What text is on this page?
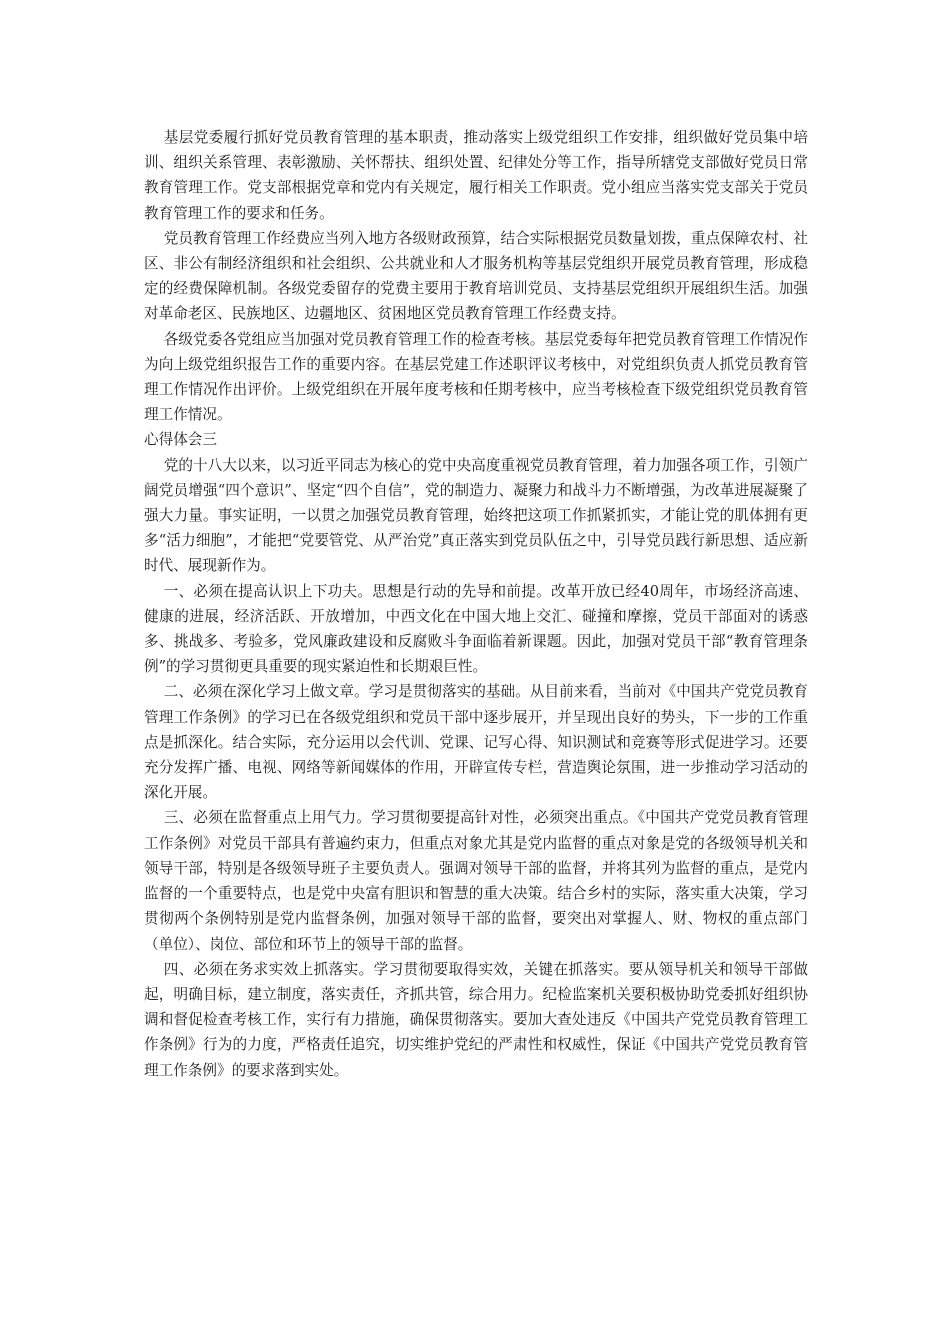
基层党委履行抓好党员教育管理的基本职责，推动落实上级党组织工作安排，组织做好党员集中培训、组织关系管理、表彰激励、关怀帮扶、组织处置、纪律处分等工作，指导所辖党支部做好党员日常教育管理工作。党支部根据党章和党内有关规定，履行相关工作职责。党小组应当落实党支部关于党员教育管理工作的要求和任务。

党员教育管理工作经费应当列入地方各级财政预算，结合实际根据党员数量划拨，重点保障农村、社区、非公有制经济组织和社会组织、公共就业和人才服务机构等基层党组织开展党员教育管理，形成稳定的经费保障机制。各级党委留存的党费主要用于教育培训党员、支持基层党组织开展组织生活。加强对革命老区、民族地区、边疆地区、贫困地区党员教育管理工作经费支持。

各级党委各党组应当加强对党员教育管理工作的检查考核。基层党委每年把党员教育管理工作情况作为向上级党组织报告工作的重要内容。在基层党建工作述职评议考核中，对党组织负责人抓党员教育管理工作情况作出评价。上级党组织在开展年度考核和任期考核中，应当考核检查下级党组织党员教育管理工作情况。

心得体会三

党的十八大以来，以习近平同志为核心的党中央高度重视党员教育管理，着力加强各项工作，引领广阔党员增强“四个意识”、坚定“四个自信”，党的制造力、凝聚力和战斗力不断增强，为改革进展凝聚了强大力量。事实证明，一以贯之加强党员教育管理，始终把这项工作抓紧抓实，才能让党的肌体拥有更多“活力细胞”，才能把“党要管党、从严治党”真正落实到党员队伍之中，引导党员践行新思想、适应新时代、展现新作为。

一、必须在提高认识上下功夫。思想是行动的先导和前提。改革开放已经40周年，市场经济高速、健康的进展，经济活跃、开放增加，中西文化在中国大地上交汇、碰撞和摩擦，党员干部面对的诱惑多、挑战多、考验多，党风廉政建设和反腐败斗争面临着新课题。因此，加强对党员干部“教育管理条例”的学习贯彻更具重要的现实紧迫性和长期艰巨性。

二、必须在深化学习上做文章。学习是贯彻落实的基础。从目前来看，当前对《中国共产党党员教育管理工作条例》的学习已在各级党组织和党员干部中逐步展开，并呈现出良好的势头，下一步的工作重点是抓深化。结合实际，充分运用以会代训、党课、记写心得、知识测试和竞赛等形式促进学习。还要充分发挥广播、电视、网络等新闻媒体的作用，开辟宣传专栏，营造舆论氛围，进一步推动学习活动的深化开展。

三、必须在监督重点上用气力。学习贯彻要提高针对性，必须突出重点。《中国共产党党员教育管理工作条例》对党员干部具有普遍约束力，但重点对象尤其是党内监督的重点对象是党的各级领导机关和领导干部，特别是各级领导班子主要负责人。强调对领导干部的监督，并将其列为监督的重点，是党内监督的一个重要特点，也是党中央富有胆识和智慧的重大决策。结合乡村的实际，落实重大决策，学习贯彻两个条例特别是党内监督条例，加强对领导干部的监督，要突出对掌握人、财、物权的重点部门（单位）、岗位、部位和环节上的领导干部的监督。

四、必须在务求实效上抓落实。学习贯彻要取得实效，关键在抓落实。要从领导机关和领导干部做起，明确目标，建立制度，落实责任，齐抓共管，综合用力。纪检监案机关要积极协助党委抓好组织协调和督促检查考核工作，实行有力措施，确保贯彻落实。要加大查处违反《中国共产党党员教育管理工作条例》行为的力度，严格责任追究，切实维护党纪的严肃性和权威性，保证《中国共产党党员教育管理工作条例》的要求落到实处。
